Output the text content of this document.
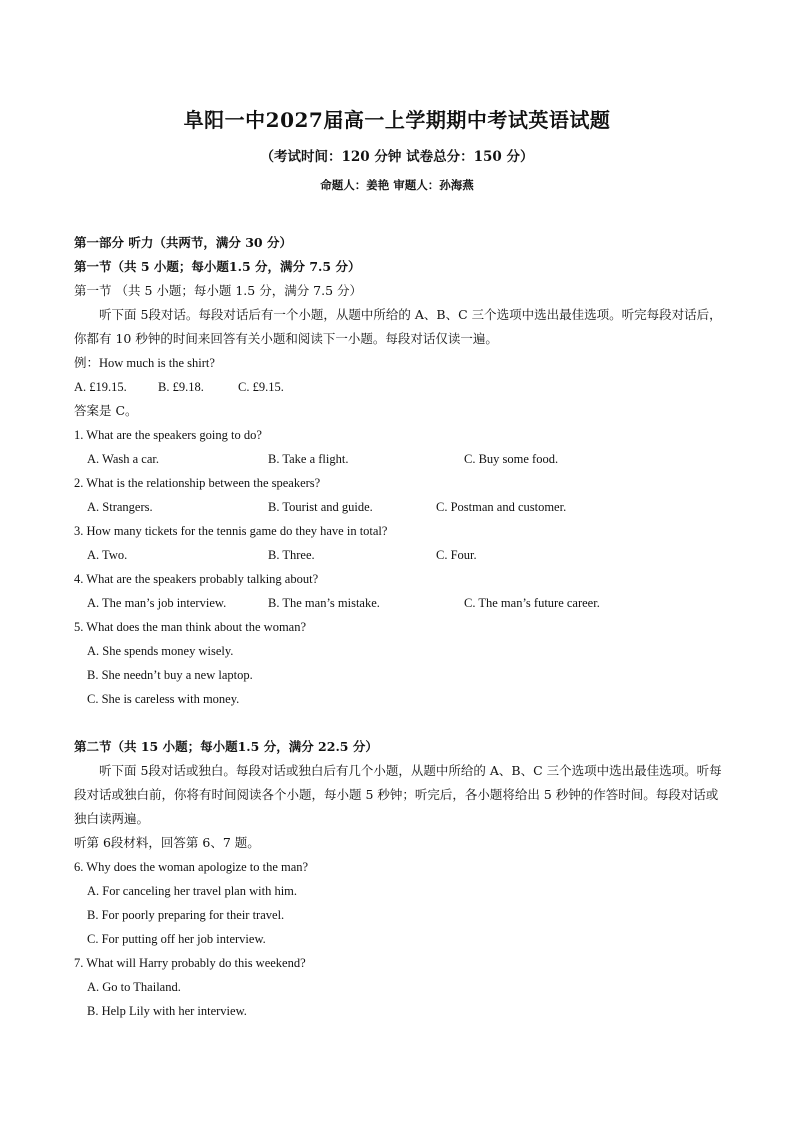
阜阳一中2027届高一上学期期中考试英语试题
（考试时间：120 分钟 试卷总分：150 分）
命题人：姜艳 审题人：孙海燕
第一部分 听力（共两节，满分 30 分）
第一节（共 5 小题；每小题1.5 分，满分 7.5 分）
第一节 （共 5 小题；每小题 1.5 分，满分 7.5 分）
听下面 5段对话。每段对话后有一个小题，从题中所给的 A、B、C 三个选项中选出最佳选项。听完每段对话后，你都有 10 秒钟的时间来回答有关小题和阅读下一小题。每段对话仅读一遍。
例：How much is the shirt?
A. £19.15. B. £9.18.	C. £9.15.
答案是 C。
1. What are the speakers going to do?
A. Wash a car.	B. Take a flight.	C. Buy some food.
2. What is the relationship between the speakers?
A. Strangers.	B. Tourist and guide.	C. Postman and customer.
3. How many tickets for the tennis game do they have in total?
A. Two.	B. Three.	C. Four.
4. What are the speakers probably talking about?
A. The man’s job interview.	B. The man’s mistake.	C. The man’s future career.
5. What does the man think about the woman?
A. She spends money wisely.
B. She needn’t buy a new laptop.
C. She is careless with money.
第二节（共 15 小题；每小题1.5 分，满分 22.5 分）
听下面 5段对话或独白。每段对话或独白后有几个小题，从题中所给的 A、B、C 三个选项中选出最佳选项。听每段对话或独白前，你将有时间阅读各个小题，每小题 5 秒钟；听完后，各小题将给出 5 秒钟的作答时间。每段对话或独白读两遍。
听第 6段材料，回答第 6、7 题。
6. Why does the woman apologize to the man?
A. For canceling her travel plan with him.
B. For poorly preparing for their travel.
C. For putting off her job interview.
7. What will Harry probably do this weekend?
A. Go to Thailand.
B. Help Lily with her interview.
